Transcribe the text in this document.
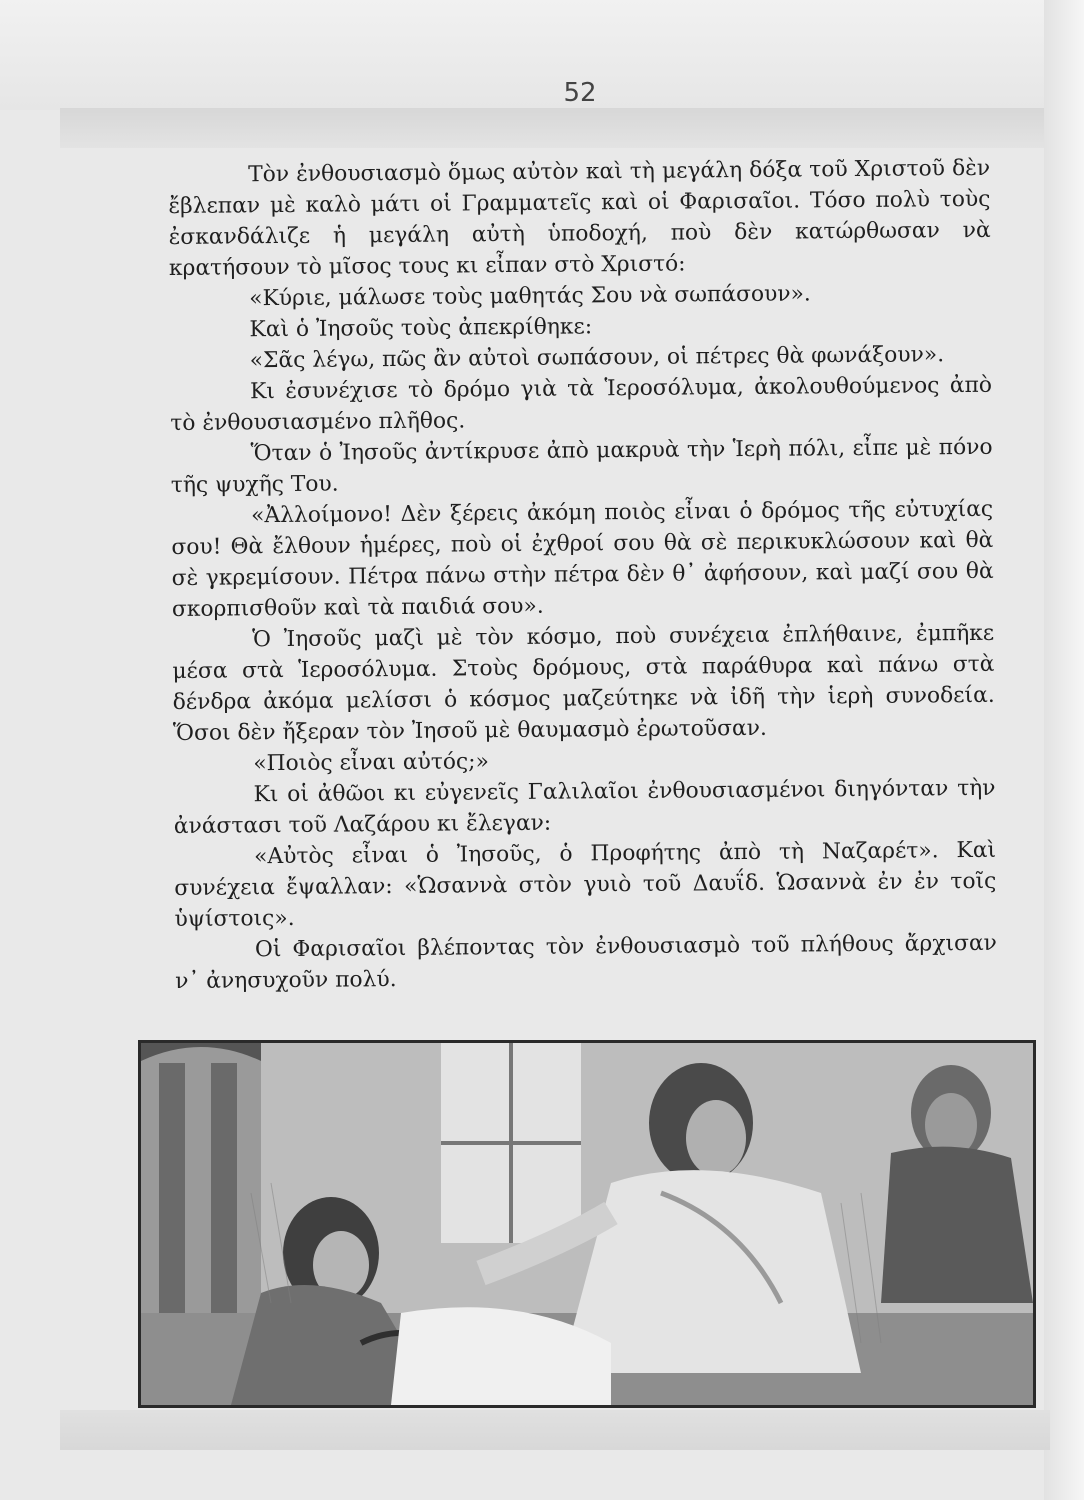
52

Τὸν ἐνθουσιασμὸ ὅμως αὐτὸν καὶ τὴ μεγάλη δόξα τοῦ Χριστοῦ δὲν ἔβλεπαν μὲ καλὸ μάτι οἱ Γραμματεῖς καὶ οἱ Φαρισαῖοι. Τόσο πολὺ τοὺς ἐσκανδάλιζε ἡ μεγάλη αὐτὴ ὑποδοχή, ποὺ δὲν κατώρθωσαν νὰ κρατήσουν τὸ μῖσος τους κι εἶπαν στὸ Χριστό:

«Κύριε, μάλωσε τοὺς μαθητάς Σου νὰ σωπάσουν».

Καὶ ὁ Ἰησοῦς τοὺς ἀπεκρίθηκε:

«Σᾶς λέγω, πῶς ἂν αὐτοὶ σωπάσουν, οἱ πέτρες θὰ φωνάξουν».

Κι ἐσυνέχισε τὸ δρόμο γιὰ τὰ Ἱεροσόλυμα, ἀκολουθούμενος ἀπὸ τὸ ἐνθουσιασμένο πλῆθος.

Ὅταν ὁ Ἰησοῦς ἀντίκρυσε ἀπὸ μακρυὰ τὴν Ἱερὴ πόλι, εἶπε μὲ πόνο τῆς ψυχῆς Του.

«Ἀλλοίμονο! Δὲν ξέρεις ἀκόμη ποιὸς εἶναι ὁ δρόμος τῆς εὐτυχίας σου! Θὰ ἔλθουν ἡμέρες, ποὺ οἱ ἐχθροί σου θὰ σὲ περικυκλώσουν καὶ θὰ σὲ γκρεμίσουν. Πέτρα πάνω στὴν πέτρα δὲν θ᾽ ἀφήσουν, καὶ μαζί σου θὰ σκορπισθοῦν καὶ τὰ παιδιά σου».

Ὁ Ἰησοῦς μαζὶ μὲ τὸν κόσμο, ποὺ συνέχεια ἐπλήθαινε, ἐμπῆκε μέσα στὰ Ἱεροσόλυμα. Στοὺς δρόμους, στὰ παράθυρα καὶ πάνω στὰ δένδρα ἀκόμα μελίσσι ὁ κόσμος μαζεύτηκε νὰ ἰδῆ τὴν ἱερὴ συνοδεία. Ὅσοι δὲν ἤξεραν τὸν Ἰησοῦ μὲ θαυμασμὸ ἐρωτοῦσαν.

«Ποιὸς εἶναι αὐτός;»

Κι οἱ ἀθῶοι κι εὐγενεῖς Γαλιλαῖοι ἐνθουσιασμένοι διηγόνταν τὴν ἀνάστασι τοῦ Λαζάρου κι ἔλεγαν:

«Αὐτὸς εἶναι ὁ Ἰησοῦς, ὁ Προφήτης ἀπὸ τὴ Ναζαρέτ». Καὶ συνέχεια ἔψαλλαν: «Ὡσαννὰ στὸν γυιὸ τοῦ Δαυΐδ. Ὡσαννὰ ἐν ἐν τοῖς ὑψίστοις».

Οἱ Φαρισαῖοι βλέποντας τὸν ἐνθουσιασμὸ τοῦ πλήθους ἄρχισαν ν᾽ ἀνησυχοῦν πολύ.
